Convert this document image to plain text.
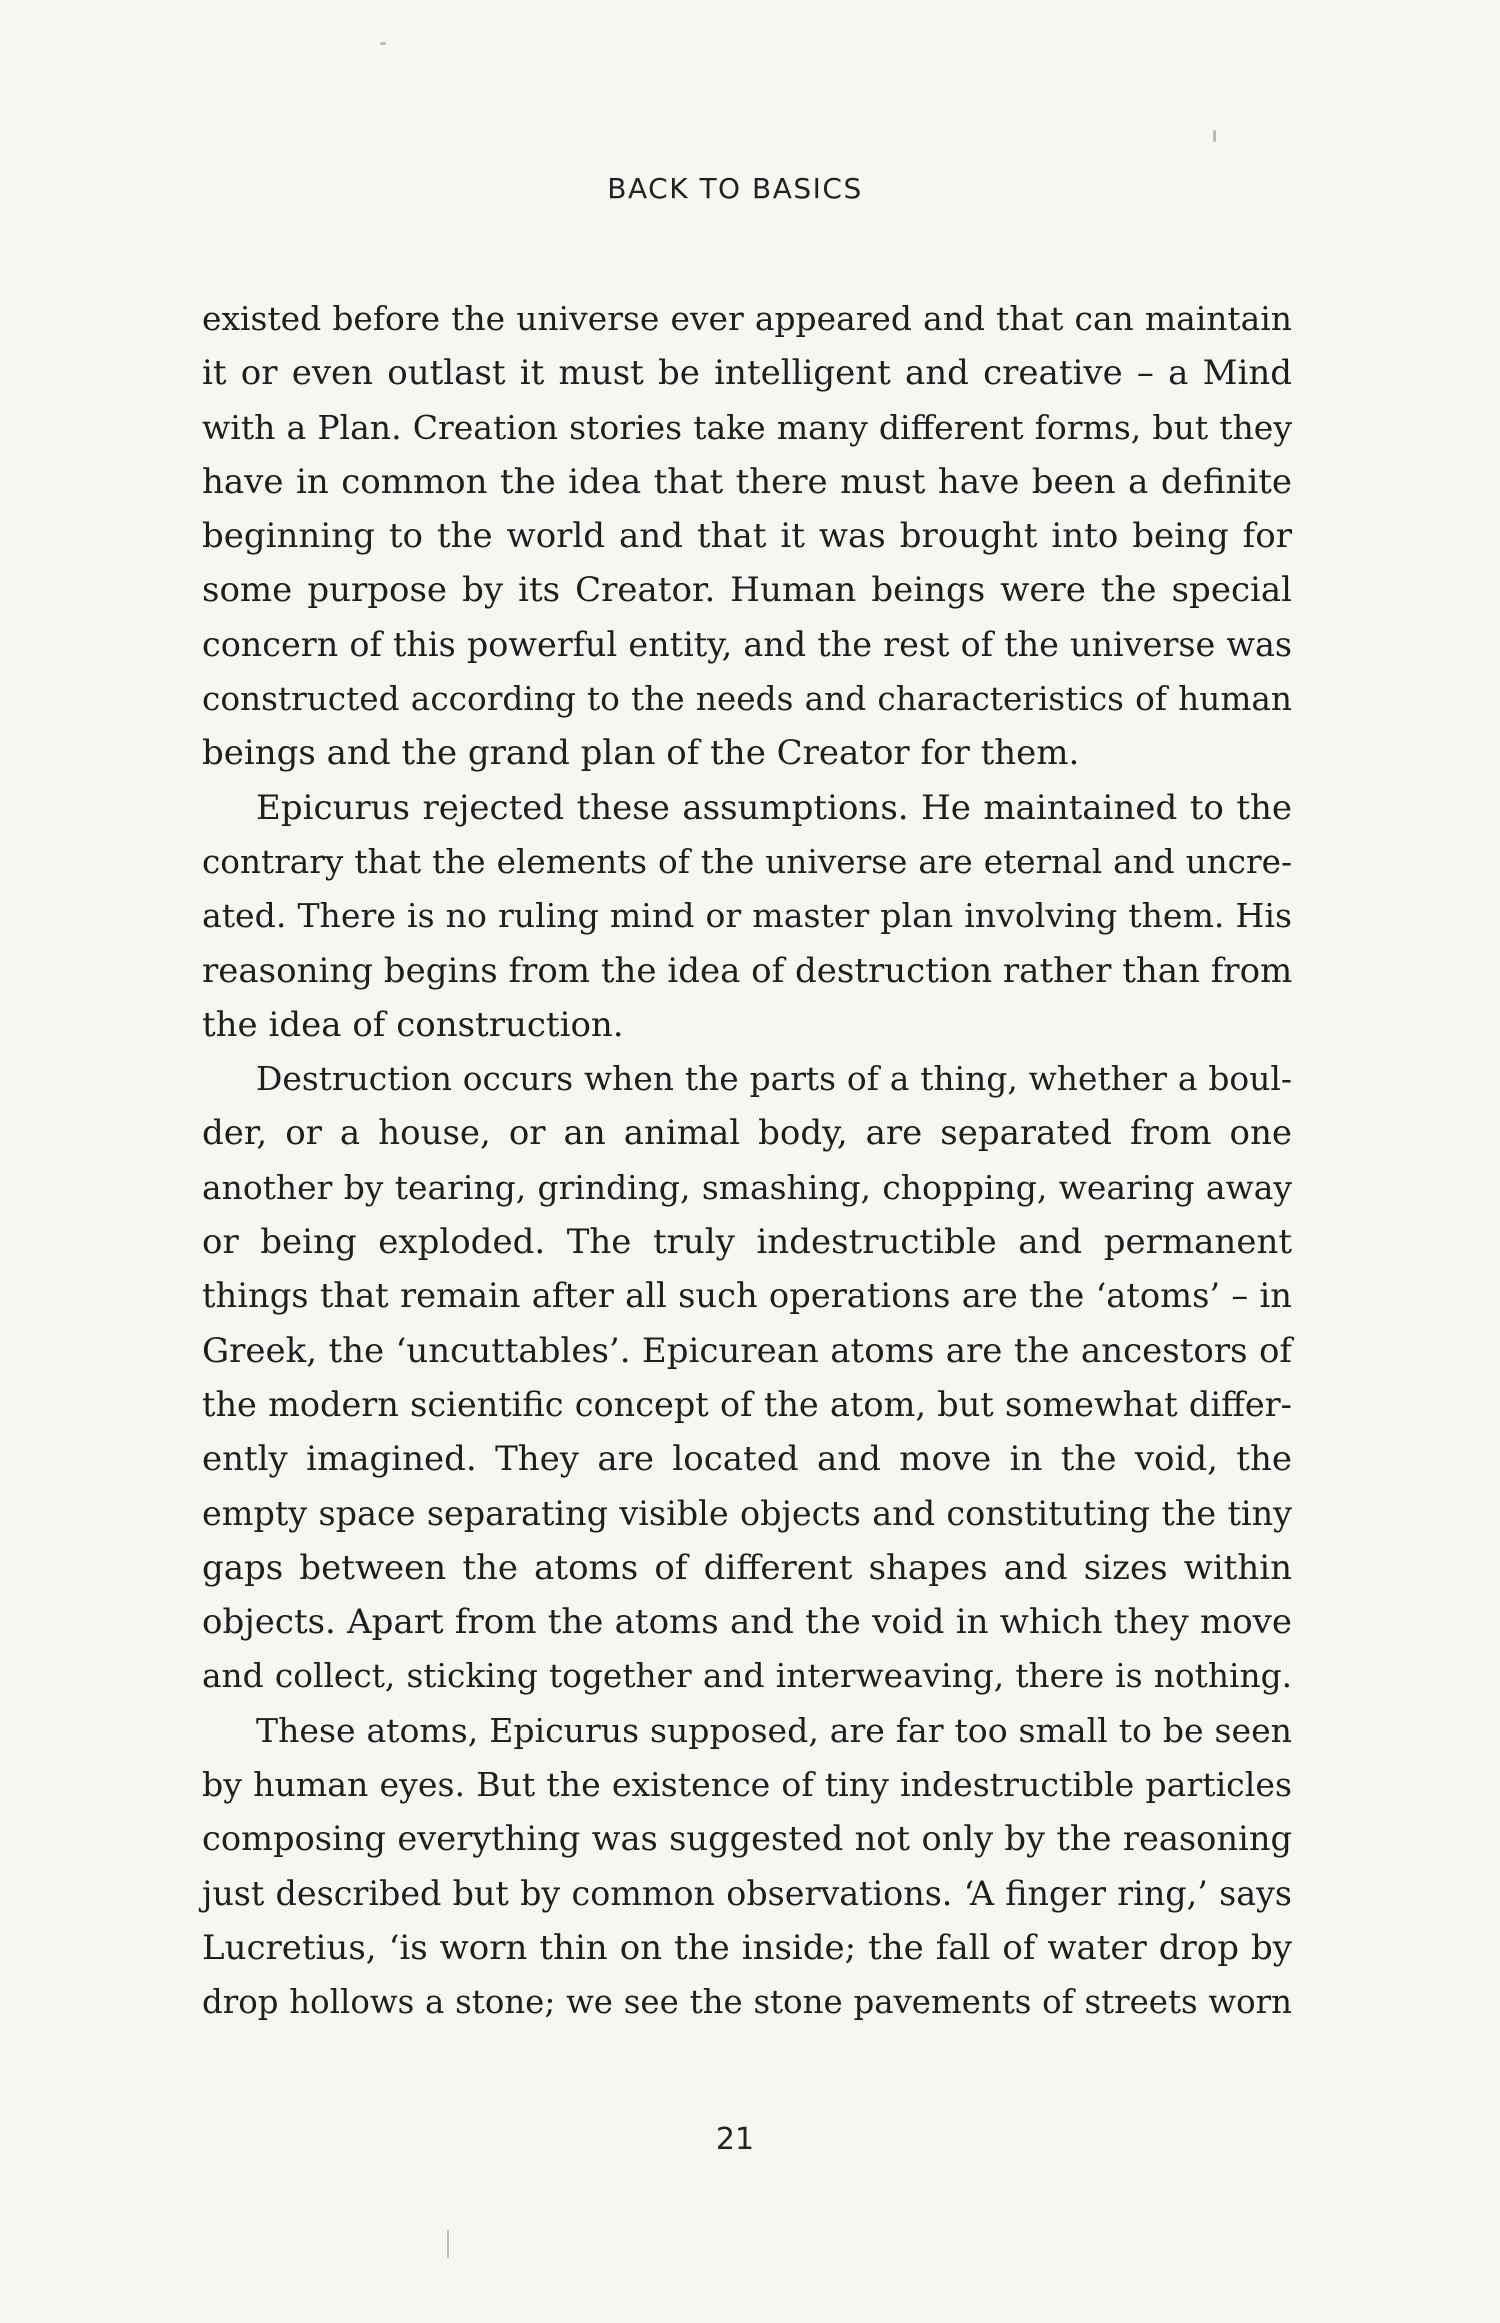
BACK TO BASICS

existed before the universe ever appeared and that can maintain
it or even outlast it must be intelligent and creative – a Mind
with a Plan. Creation stories take many different forms, but they
have in common the idea that there must have been a definite
beginning to the world and that it was brought into being for
some purpose by its Creator. Human beings were the special
concern of this powerful entity, and the rest of the universe was
constructed according to the needs and characteristics of human
beings and the grand plan of the Creator for them.

Epicurus rejected these assumptions. He maintained to the
contrary that the elements of the universe are eternal and uncre-
ated. There is no ruling mind or master plan involving them. His
reasoning begins from the idea of destruction rather than from
the idea of construction.

Destruction occurs when the parts of a thing, whether a boul-
der, or a house, or an animal body, are separated from one
another by tearing, grinding, smashing, chopping, wearing away
or being exploded. The truly indestructible and permanent
things that remain after all such operations are the ‘atoms’ – in
Greek, the ‘uncuttables’. Epicurean atoms are the ancestors of
the modern scientific concept of the atom, but somewhat differ-
ently imagined. They are located and move in the void, the
empty space separating visible objects and constituting the tiny
gaps between the atoms of different shapes and sizes within
objects. Apart from the atoms and the void in which they move
and collect, sticking together and interweaving, there is nothing.

These atoms, Epicurus supposed, are far too small to be seen
by human eyes. But the existence of tiny indestructible particles
composing everything was suggested not only by the reasoning
just described but by common observations. ‘A finger ring,’ says
Lucretius, ‘is worn thin on the inside; the fall of water drop by
drop hollows a stone; we see the stone pavements of streets worn

21
